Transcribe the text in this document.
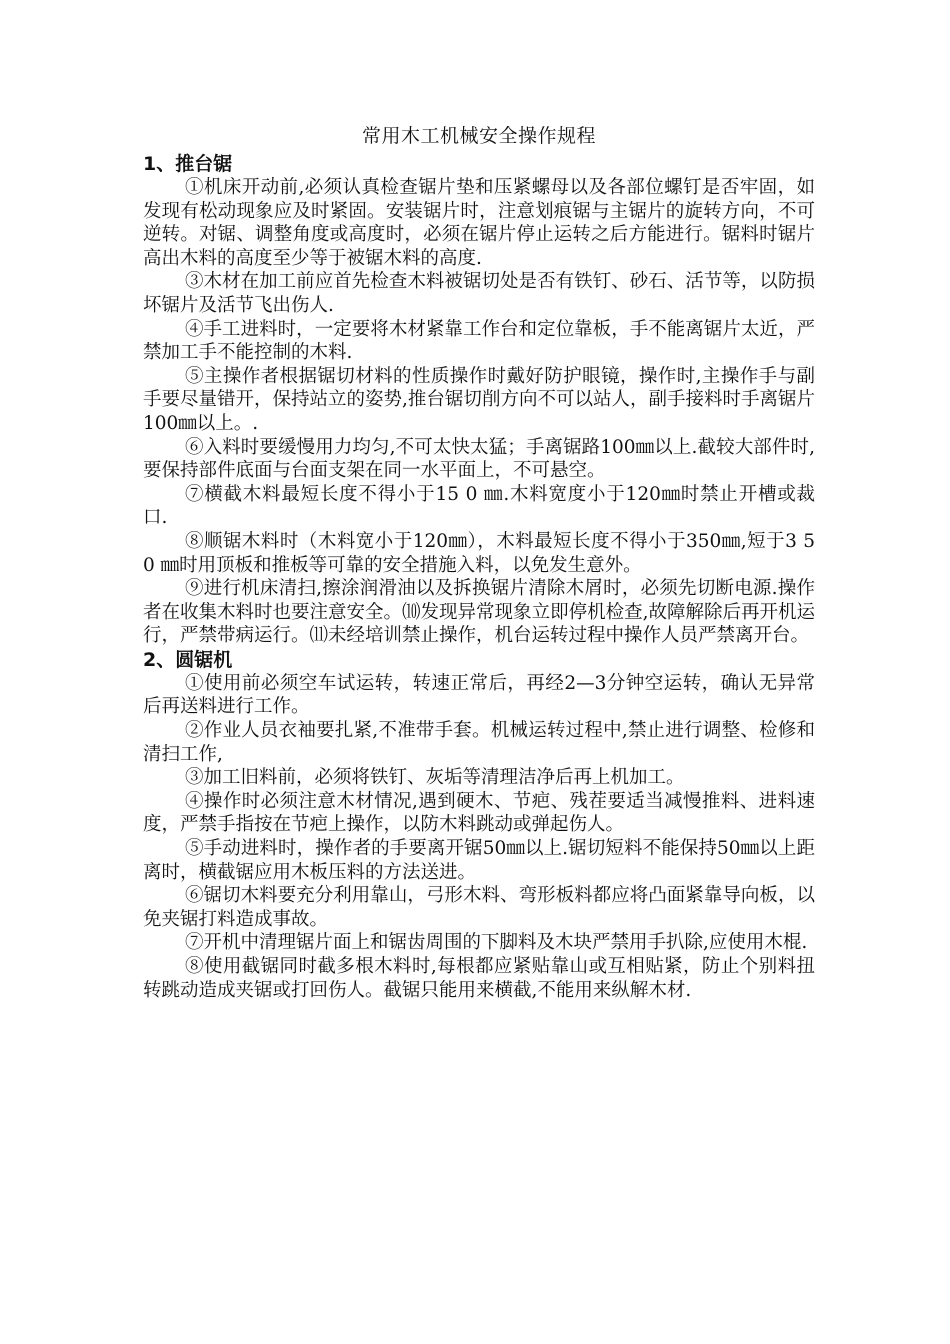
常用木工机械安全操作规程
1、推台锯

①机床开动前,必须认真检查锯片垫和压紧螺母以及各部位螺钉是否牢固，如发现有松动现象应及时紧固。安装锯片时，注意划痕锯与主锯片的旋转方向，不可逆转。对锯、调整角度或高度时，必须在锯片停止运转之后方能进行。锯料时锯片高出木料的高度至少等于被锯木料的高度.

③木材在加工前应首先检查木料被锯切处是否有铁钉、砂石、活节等，以防损坏锯片及活节飞出伤人.

④手工进料时，一定要将木材紧靠工作台和定位靠板，手不能离锯片太近，严禁加工手不能控制的木料.

⑤主操作者根据锯切材料的性质操作时戴好防护眼镜，操作时,主操作手与副手要尽量错开，保持站立的姿势,推台锯切削方向不可以站人，副手接料时手离锯片100㎜以上。.

⑥入料时要缓慢用力均匀,不可太快太猛；手离锯路100㎜以上.截较大部件时,要保持部件底面与台面支架在同一水平面上，不可悬空。

⑦横截木料最短长度不得小于15 0 ㎜.木料宽度小于120㎜时禁止开槽或裁口.

⑧顺锯木料时（木料宽小于120㎜），木料最短长度不得小于350㎜,短于3 5 0 ㎜时用顶板和推板等可靠的安全措施入料，以免发生意外。

⑨进行机床清扫,擦涂润滑油以及拆换锯片清除木屑时，必须先切断电源.操作者在收集木料时也要注意安全。⑽发现异常现象立即停机检查,故障解除后再开机运行，严禁带病运行。⑾未经培训禁止操作，机台运转过程中操作人员严禁离开台。

2、圆锯机

①使用前必须空车试运转，转速正常后，再经2—3分钟空运转，确认无异常后再送料进行工作。

②作业人员衣袖要扎紧,不准带手套。机械运转过程中,禁止进行调整、检修和清扫工作,

③加工旧料前，必须将铁钉、灰垢等清理洁净后再上机加工。

④操作时必须注意木材情况,遇到硬木、节疤、残茬要适当减慢推料、进料速度，严禁手指按在节疤上操作，以防木料跳动或弹起伤人。

⑤手动进料时，操作者的手要离开锯50㎜以上.锯切短料不能保持50㎜以上距离时，横截锯应用木板压料的方法送进。

⑥锯切木料要充分利用靠山，弓形木料、弯形板料都应将凸面紧靠导向板，以免夹锯打料造成事故。

⑦开机中清理锯片面上和锯齿周围的下脚料及木块严禁用手扒除,应使用木棍.

⑧使用截锯同时截多根木料时,每根都应紧贴靠山或互相贴紧，防止个别料扭转跳动造成夹锯或打回伤人。截锯只能用来横截,不能用来纵解木材.
